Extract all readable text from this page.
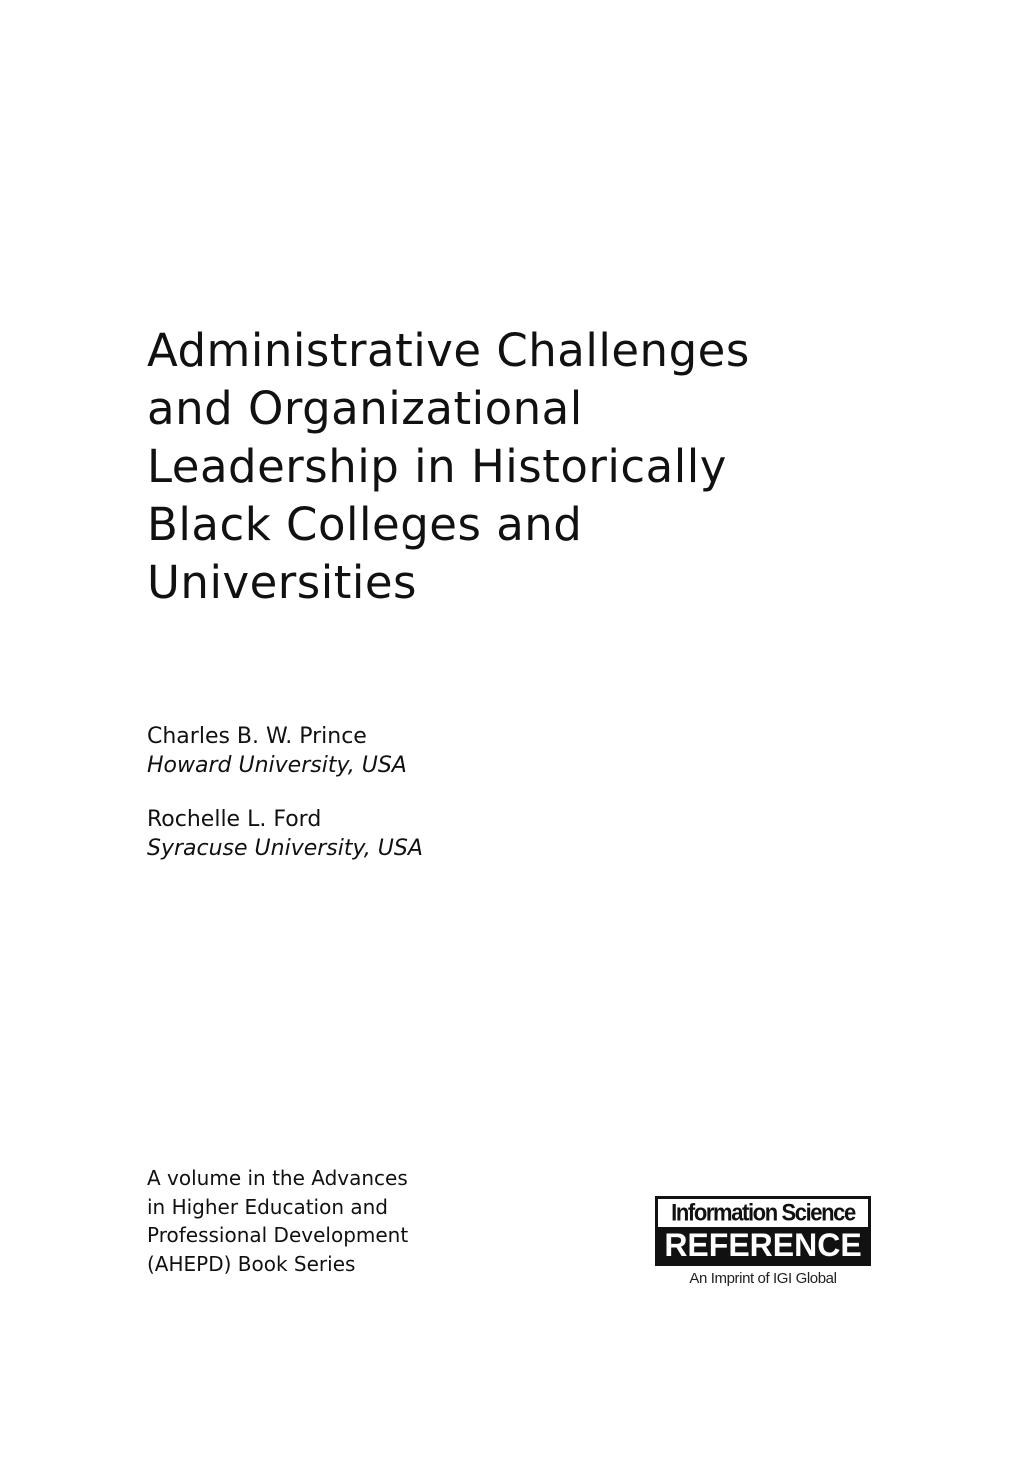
Administrative Challenges
and Organizational
Leadership in Historically
Black Colleges and
Universities
Charles B. W. Prince
Howard University, USA
Rochelle L. Ford
Syracuse University, USA
A volume in the Advances
in Higher Education and
Professional Development
(AHEPD) Book Series
Information Science
REFERENCE
An Imprint of IGI Global
